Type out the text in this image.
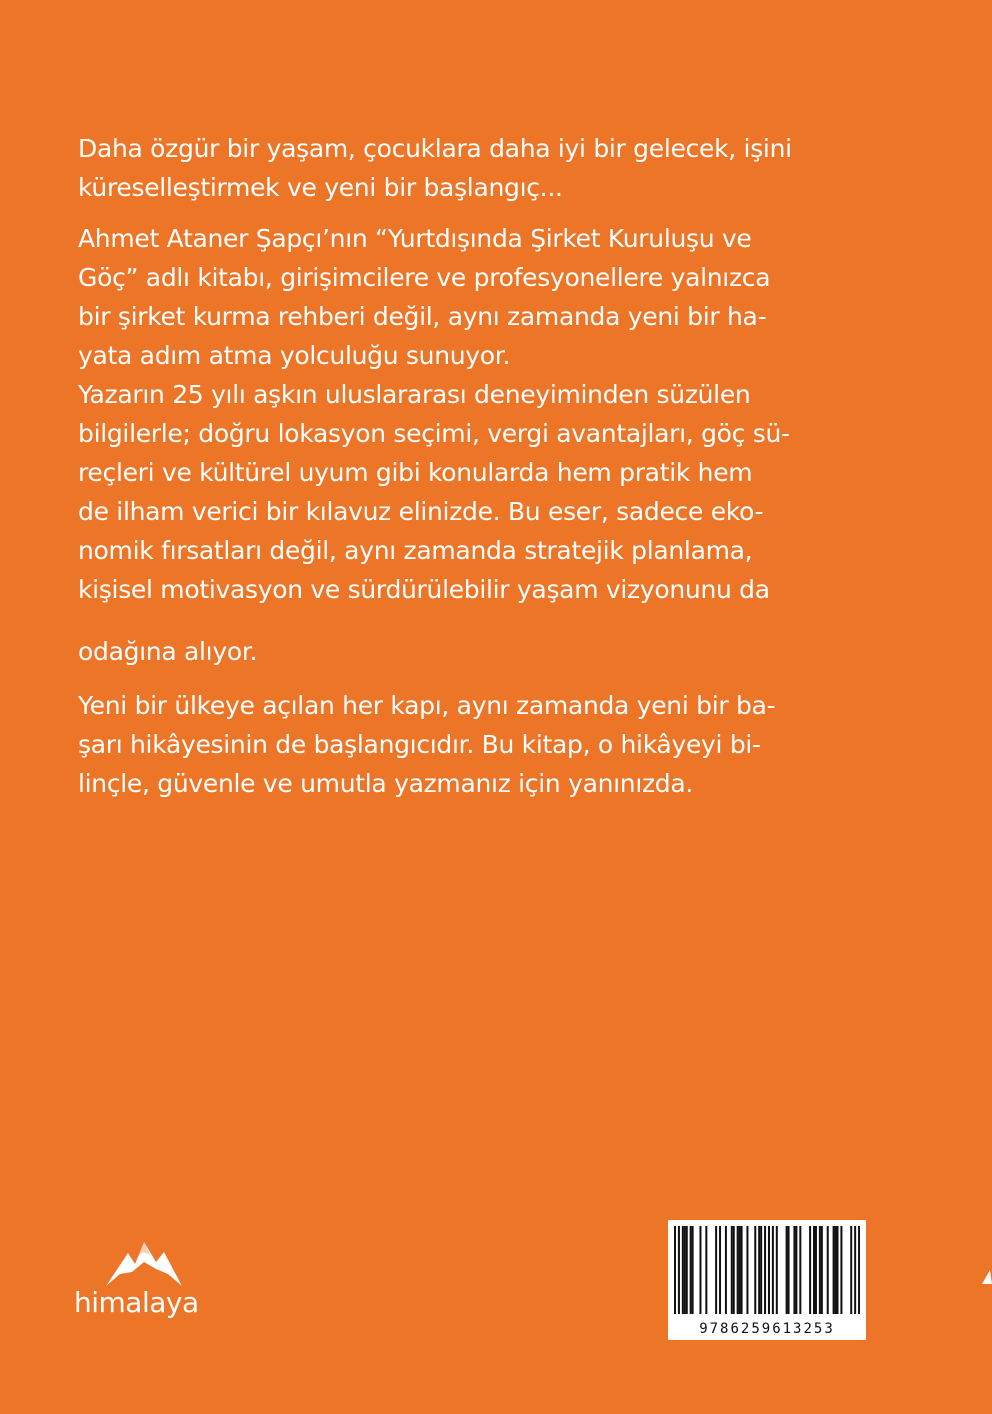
Daha özgür bir yaşam, çocuklara daha iyi bir gelecek, işini
küreselleştirmek ve yeni bir başlangıç...

Ahmet Ataner Şapçı’nın “Yurtdışında Şirket Kuruluşu ve
Göç” adlı kitabı, girişimcilere ve profesyonellere yalnızca
bir şirket kurma rehberi değil, aynı zamanda yeni bir ha-
yata adım atma yolculuğu sunuyor.

Yazarın 25 yılı aşkın uluslararası deneyiminden süzülen
bilgilerle; doğru lokasyon seçimi, vergi avantajları, göç sü-
reçleri ve kültürel uyum gibi konularda hem pratik hem
de ilham verici bir kılavuz elinizde. Bu eser, sadece eko-
nomik fırsatları değil, aynı zamanda stratejik planlama,
kişisel motivasyon ve sürdürülebilir yaşam vizyonunu da

odağına alıyor.

Yeni bir ülkeye açılan her kapı, aynı zamanda yeni bir ba-
şarı hikâyesinin de başlangıcıdır. Bu kitap, o hikâyeyi bi-
linçle, güvenle ve umutla yazmanız için yanınızda.

himalaya
9786259613253
